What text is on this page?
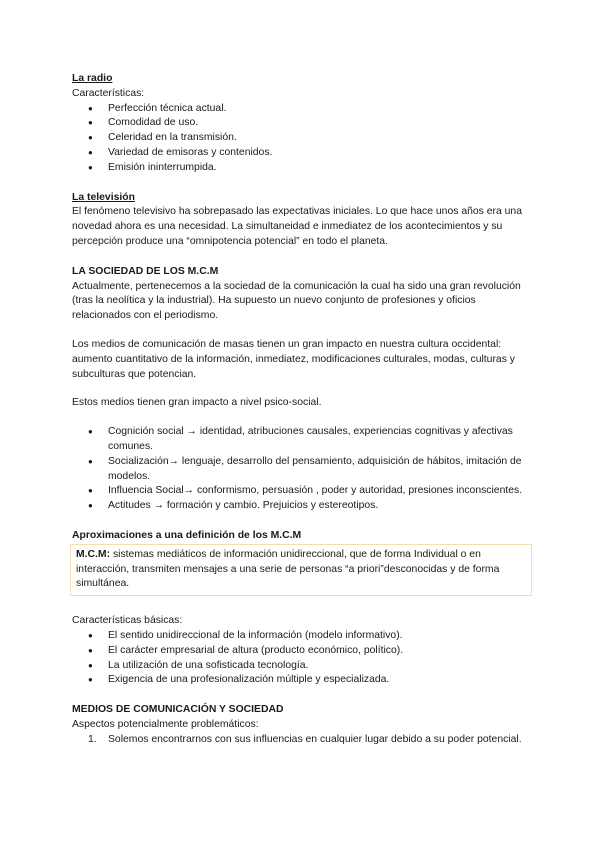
La radio

Características:

● Perfección técnica actual.
● Comodidad de uso.
● Celeridad en la transmisión.
● Variedad de emisoras y contenidos.
● Emisión ininterrumpida.
La televisión

El fenómeno televisivo ha sobrepasado las expectativas iniciales. Lo que hace unos años era una novedad ahora es una necesidad. La simultaneidad e inmediatez de los acontecimientos y su percepción produce una “omnipotencia potencial” en todo el planeta.

LA SOCIEDAD DE LOS M.C.M

Actualmente, pertenecemos a la sociedad de la comunicación la cual ha sido una gran revolución (tras la neolítica y la industrial). Ha supuesto un nuevo conjunto de profesiones y oficios relacionados con el periodismo.

Los medios de comunicación de masas tienen un gran impacto en nuestra cultura occidental: aumento cuantitativo de la información, inmediatez, modificaciones culturales, modas, culturas y subculturas que potencian.

Estos medios tienen gran impacto a nivel psico-social.

● Cognición social → identidad, atribuciones causales, experiencias cognitivas y afectivas comunes.
● Socialización→ lenguaje, desarrollo del pensamiento, adquisición de hábitos, imitación de modelos.
● Influencia Social→ conformismo, persuasión , poder y autoridad, presiones inconscientes.
● Actitudes → formación y cambio. Prejuicios y estereotipos.
Aproximaciones a una definición de los M.C.M
M.C.M: sistemas mediáticos de información unidireccional, que de forma Individual o en interacción, transmiten mensajes a una serie de personas “a priori”desconocidas y de forma simultánea.

Características básicas:

● El sentido unidireccional de la información (modelo informativo).
● El carácter empresarial de altura (producto económico, político).
● La utilización de una sofisticada tecnología.
● Exigencia de una profesionalización múltiple y especializada.
MEDIOS DE COMUNICACIÓN Y SOCIEDAD

Aspectos potencialmente problemáticos:

1. Solemos encontrarnos con sus influencias en cualquier lugar debido a su poder potencial.
